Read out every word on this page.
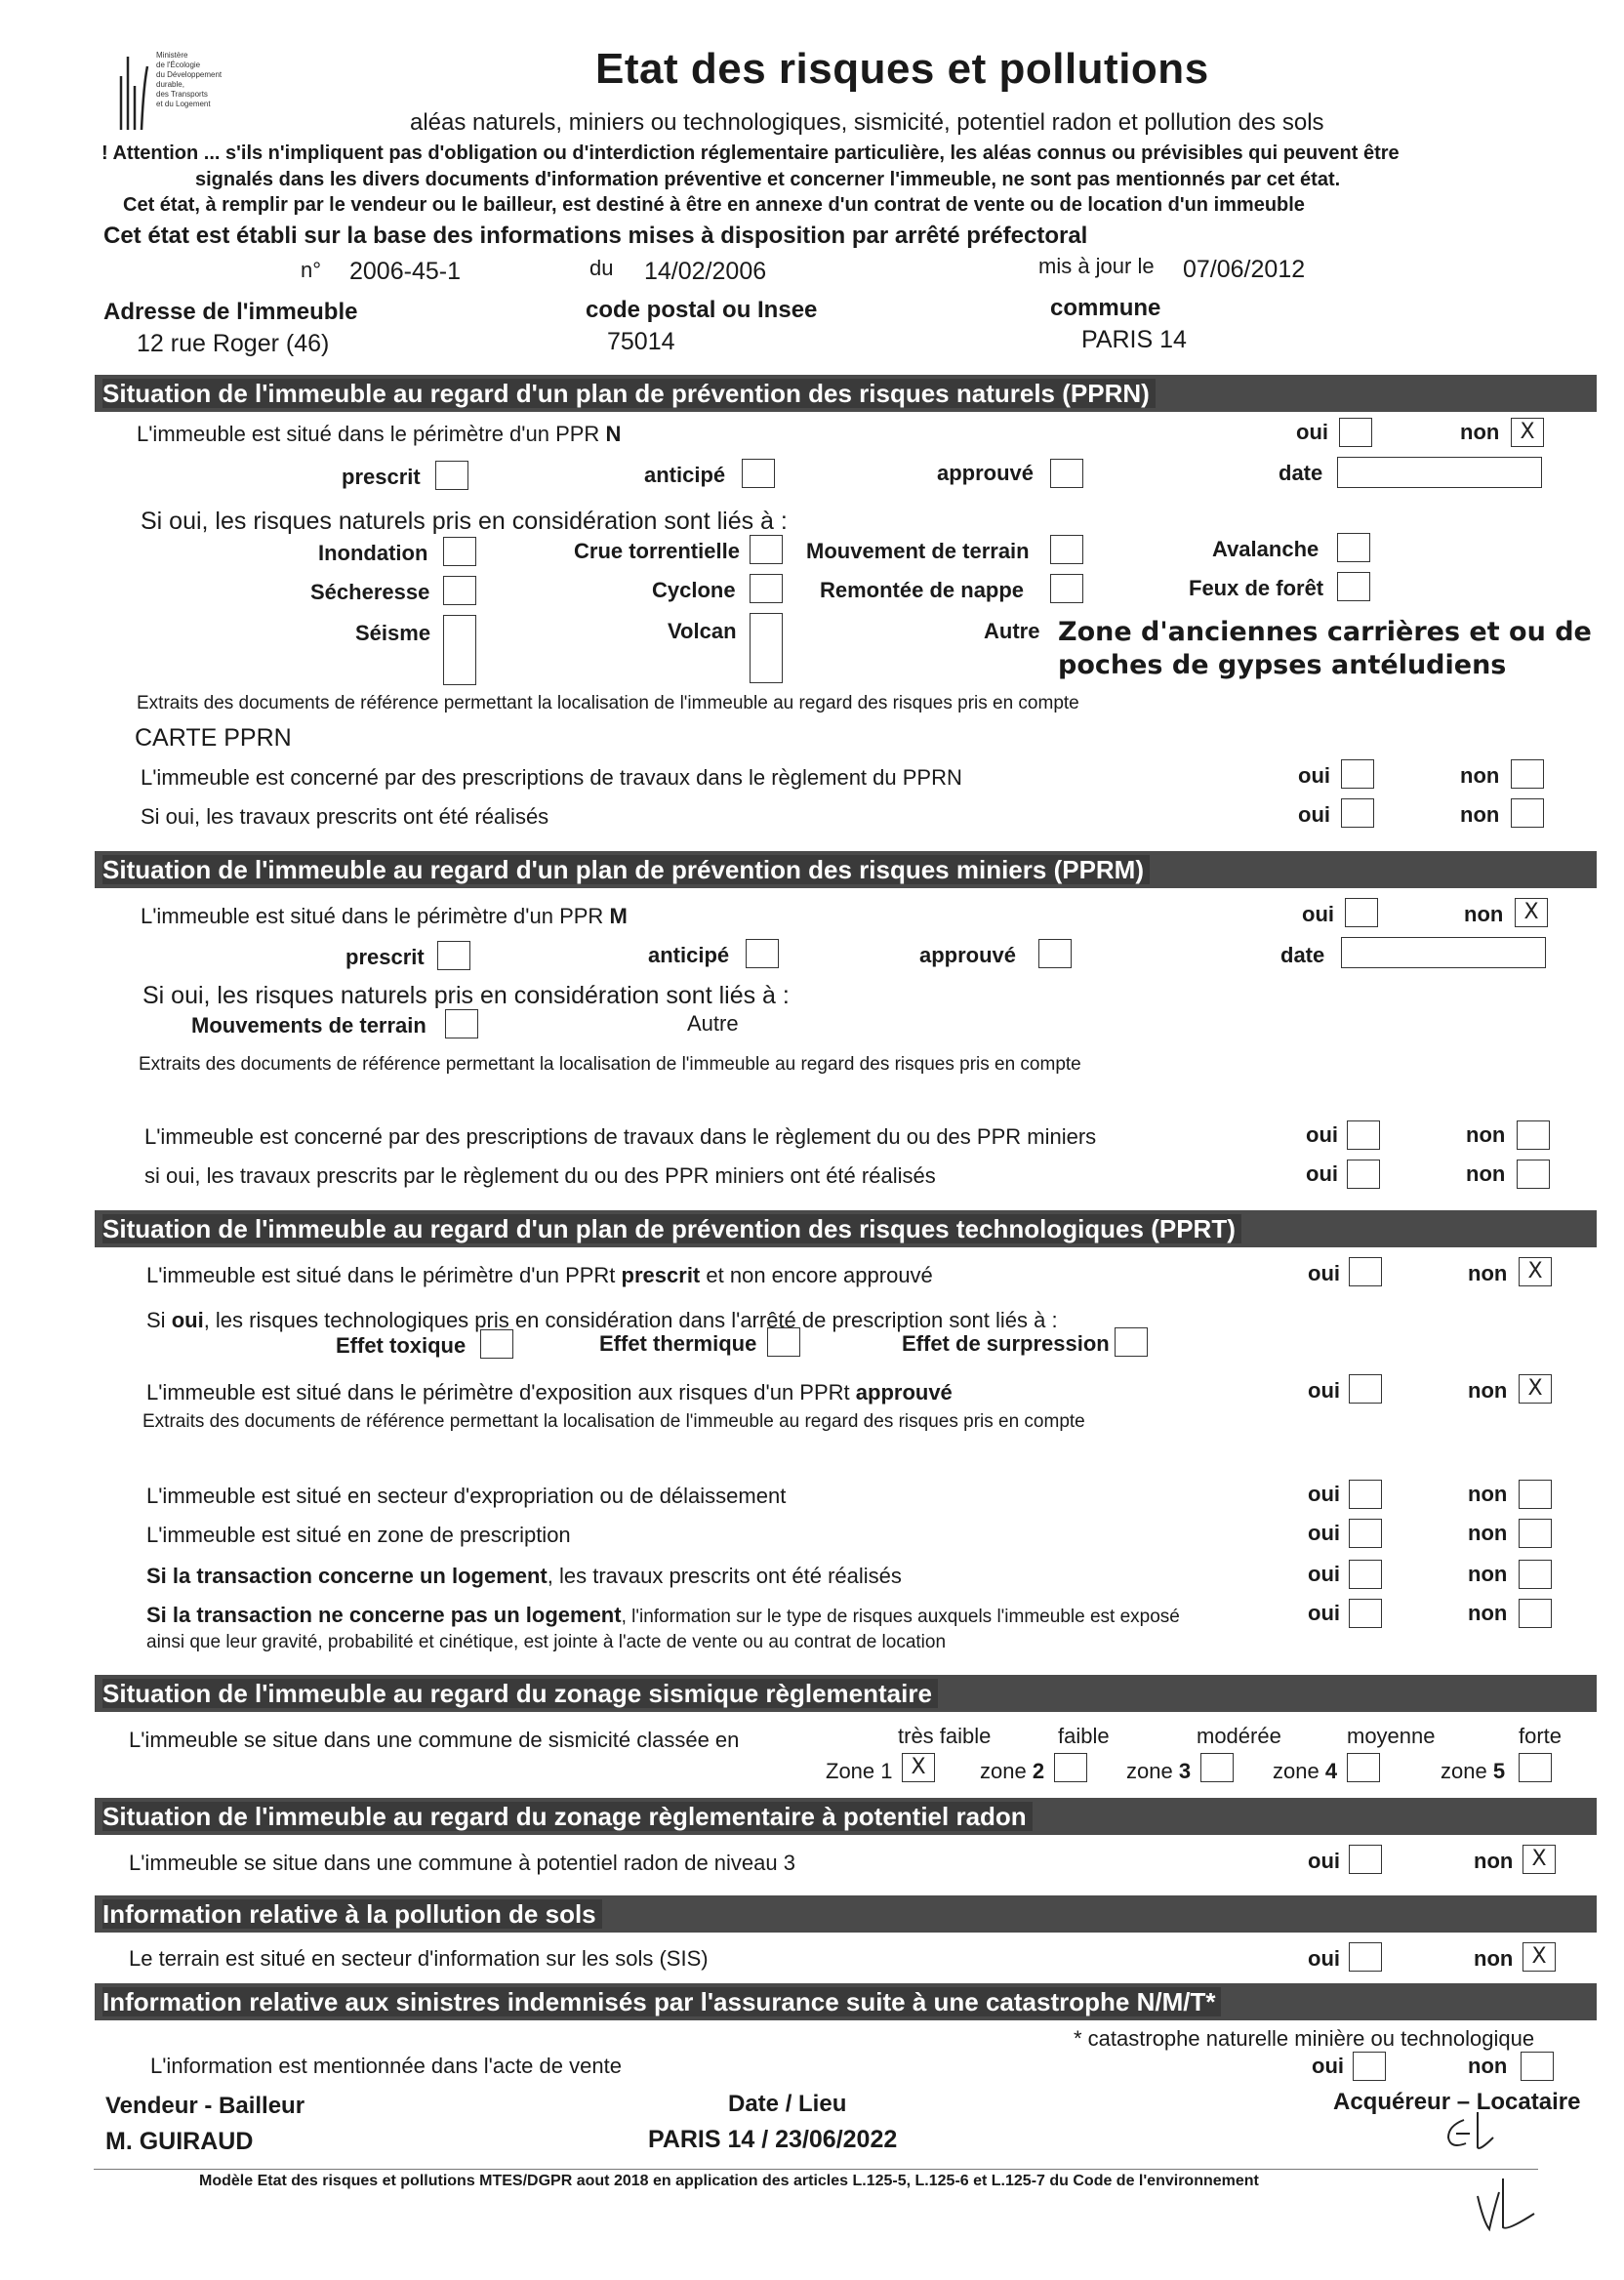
Ministère
de l'Écologie
du Développement
durable,
des Transports
et du Logement
Etat des risques et pollutions
aléas naturels, miniers ou technologiques, sismicité, potentiel radon et pollution des sols
! Attention ... s'ils n'impliquent pas d'obligation ou d'interdiction réglementaire particulière, les aléas connus ou prévisibles qui peuvent être
signalés dans les divers documents d'information préventive et concerner l'immeuble, ne sont pas mentionnés par cet état.
Cet état, à remplir par le vendeur ou le bailleur, est destiné à être en annexe d'un contrat de vente ou de location d'un immeuble
Cet état est établi sur la base des informations mises à disposition par arrêté préfectoral
n° 2006-45-1	du 14/02/2006	mis à jour le 07/06/2012
Adresse de l'immeuble
12 rue Roger (46)
code postal ou Insee
75014
commune
PARIS 14
Situation de l'immeuble au regard d'un plan de prévention des risques naturels (PPRN)
L'immeuble est situé dans le périmètre d'un PPR N	oui	non X
prescrit	anticipé	approuvé	date
Si oui, les risques naturels pris en considération sont liés à :
Inondation	Crue torrentielle	Mouvement de terrain	Avalanche
Sécheresse	Cyclone	Remontée de nappe	Feux de forêt
Séisme	Volcan	Autre Zone d'anciennes carrières et ou de
poches de gypses antéludiens
Extraits des documents de référence permettant la localisation de l'immeuble au regard des risques pris en compte
CARTE PPRN
L'immeuble est concerné par des prescriptions de travaux dans le règlement du PPRN	oui	non
Si oui, les travaux prescrits ont été réalisés	oui	non
Situation de l'immeuble au regard d'un plan de prévention des risques miniers (PPRM)
L'immeuble est situé dans le périmètre d'un PPR M	oui	non X
prescrit	anticipé	approuvé	date
Si oui, les risques naturels pris en considération sont liés à :
Mouvements de terrain	Autre
Extraits des documents de référence permettant la localisation de l'immeuble au regard des risques pris en compte
L'immeuble est concerné par des prescriptions de travaux dans le règlement du ou des PPR miniers	oui	non
si oui, les travaux prescrits par le règlement du ou des PPR miniers ont été réalisés	oui	non
Situation de l'immeuble au regard d'un plan de prévention des risques technologiques (PPRT)
L'immeuble est situé dans le périmètre d'un PPRt prescrit et non encore approuvé	oui	non X
Si oui, les risques technologiques pris en considération dans l'arrêté de prescription sont liés à :
Effet toxique	Effet thermique	Effet de surpression
L'immeuble est situé dans le périmètre d'exposition aux risques d'un PPRt approuvé	oui	non X
Extraits des documents de référence permettant la localisation de l'immeuble au regard des risques pris en compte
L'immeuble est situé en secteur d'expropriation ou de délaissement	oui	non
L'immeuble est situé en zone de prescription	oui	non
Si la transaction concerne un logement, les travaux prescrits ont été réalisés	oui	non
Si la transaction ne concerne pas un logement, l'information sur le type de risques auxquels l'immeuble est exposé
ainsi que leur gravité, probabilité et cinétique, est jointe à l'acte de vente ou au contrat de location
oui	non
Situation de l'immeuble au regard du zonage sismique règlementaire
L'immeuble se situe dans une commune de sismicité classée en	très faible	faible	modérée	moyenne	forte
Zone 1 X	zone 2	zone 3	zone 4	zone 5
Situation de l'immeuble au regard du zonage règlementaire à potentiel radon
L'immeuble se situe dans une commune à potentiel radon de niveau 3	oui	non X
Information relative à la pollution de sols
Le terrain est situé en secteur d'information sur les sols (SIS)	oui	non X
Information relative aux sinistres indemnisés par l'assurance suite à une catastrophe N/M/T*
* catastrophe naturelle minière ou technologique
L'information est mentionnée dans l'acte de vente	oui	non
Vendeur - Bailleur
M. GUIRAUD
Date / Lieu
PARIS 14 / 23/06/2022
Acquéreur – Locataire
Modèle Etat des risques et pollutions MTES/DGPR aout 2018 en application des articles L.125-5, L.125-6 et L.125-7 du Code de l'environnement
